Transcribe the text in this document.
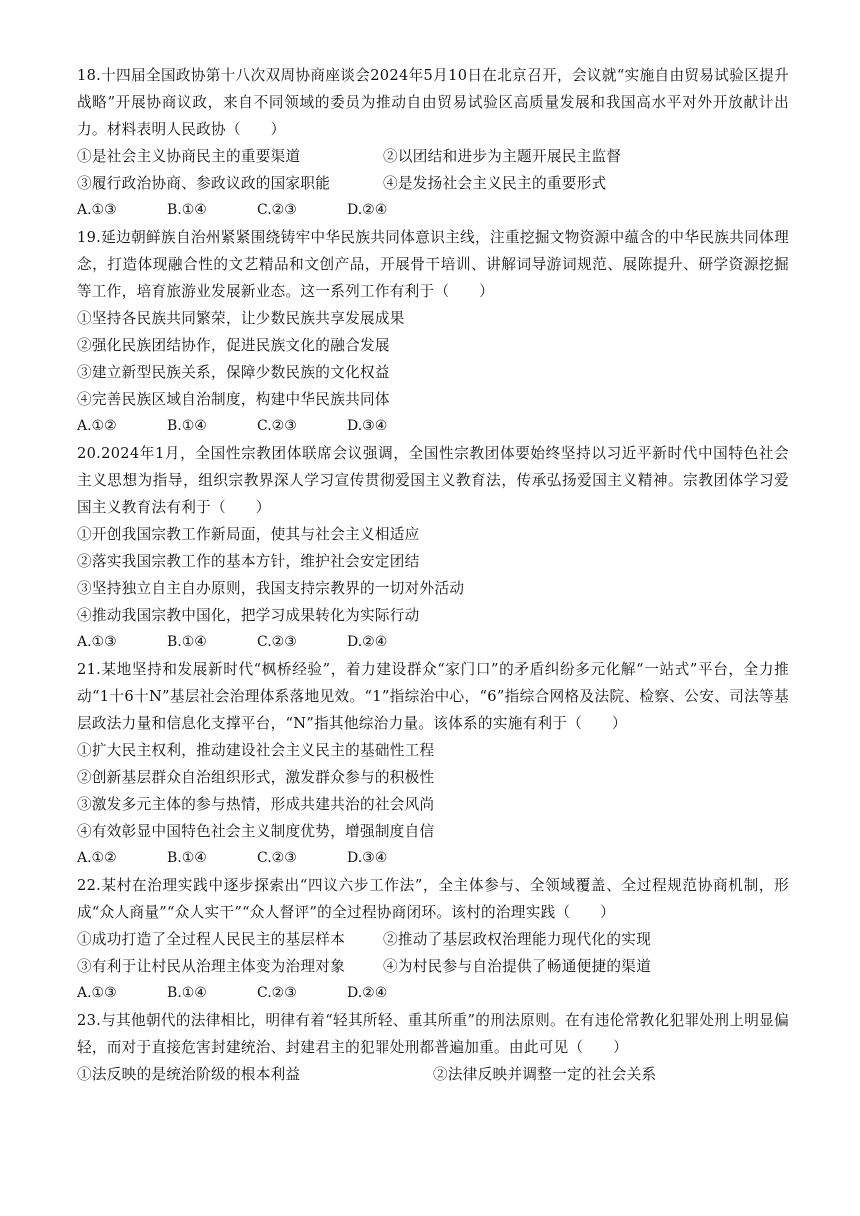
18.十四届全国政协第十八次双周协商座谈会2024年5月10日在北京召开，会议就“实施自由贸易试验区提升战略”开展协商议政，来自不同领域的委员为推动自由贸易试验区高质量发展和我国高水平对外开放献计出力。材料表明人民政协（　　）

①是社会主义协商民主的重要渠道	②以团结和进步为主题开展民主监督
③履行政治协商、参政议政的国家职能	④是发扬社会主义民主的重要形式
A.①③	B.①④	C.②③	D.②④

19.延边朝鲜族自治州紧紧围绕铸牢中华民族共同体意识主线，注重挖掘文物资源中蕴含的中华民族共同体理念，打造体现融合性的文艺精品和文创产品，开展骨干培训、讲解词导游词规范、展陈提升、研学资源挖掘等工作，培育旅游业发展新业态。这一系列工作有利于（　　）

①坚持各民族共同繁荣，让少数民族共享发展成果
②强化民族团结协作，促进民族文化的融合发展
③建立新型民族关系，保障少数民族的文化权益
④完善民族区域自治制度，构建中华民族共同体
A.①②	B.①④	C.②③	D.③④

20.2024年1月，全国性宗教团体联席会议强调，全国性宗教团体要始终坚持以习近平新时代中国特色社会主义思想为指导，组织宗教界深人学习宣传贯彻爱国主义教育法，传承弘扬爱国主义精神。宗教团体学习爱国主义教育法有利于（　　）

①开创我国宗教工作新局面，使其与社会主义相适应
②落实我国宗教工作的基本方针，维护社会安定团结
③坚持独立自主自办原则，我国支持宗教界的一切对外活动
④推动我国宗教中国化，把学习成果转化为实际行动
A.①③	B.①④	C.②③	D.②④

21.某地坚持和发展新时代“枫桥经验”，着力建设群众“家门口”的矛盾纠纷多元化解“一站式”平台，全力推动“1十6十N”基层社会治理体系落地见效。“1”指综治中心，“6”指综合网格及法院、检察、公安、司法等基层政法力量和信息化支撑平台，“N”指其他综治力量。该体系的实施有利于（　　）

①扩大民主权利，推动建设社会主义民主的基础性工程
②创新基层群众自治组织形式，激发群众参与的积极性
③激发多元主体的参与热情，形成共建共治的社会风尚
④有效彰显中国特色社会主义制度优势，增强制度自信
A.①②	B.①④	C.②③	D.③④

22.某村在治理实践中逐步探索出“四议六步工作法”，全主体参与、全领域覆盖、全过程规范协商机制，形成“众人商量”“众人实干”“众人督评”的全过程协商闭环。该村的治理实践（　　）

①成功打造了全过程人民民主的基层样本	②推动了基层政权治理能力现代化的实现
③有利于让村民从治理主体变为治理对象	④为村民参与自治提供了畅通便捷的渠道
A.①③	B.①④	C.②③	D.②④

23.与其他朝代的法律相比，明律有着“轻其所轻、重其所重”的刑法原则。在有违伦常教化犯罪处刑上明显偏轻，而对于直接危害封建统治、封建君主的犯罪处刑都普遍加重。由此可见（　　）

①法反映的是统治阶级的根本利益	②法律反映并调整一定的社会关系
